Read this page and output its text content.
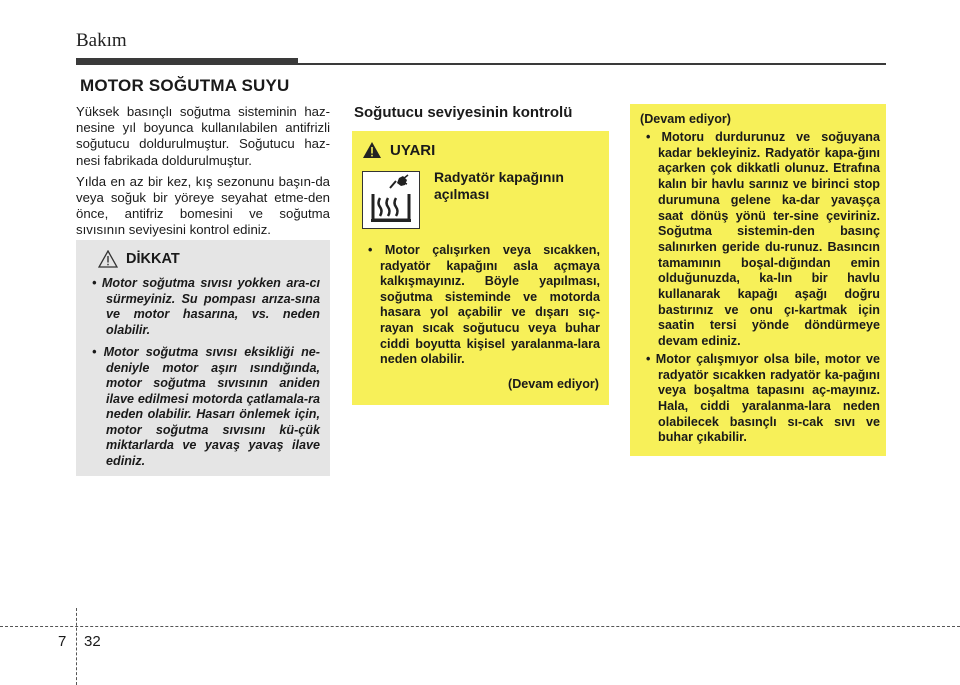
Bakım
MOTOR SOĞUTMA SUYU

Yüksek basınçlı soğutma sisteminin haz-nesine yıl boyunca kullanılabilen antifrizli soğutucu doldurulmuştur. Soğutucu haz-nesi fabrikada doldurulmuştur.

Yılda en az bir kez, kış sezonunu başın-da veya soğuk bir yöreye seyahat etme-den önce, antifriz bomesini ve soğutma sıvısının seviyesini kontrol ediniz.

DİKKAT
• Motor soğutma sıvısı yokken ara-cı sürmeyiniz. Su pompası arıza-sına ve motor hasarına, vs. neden olabilir.
• Motor soğutma sıvısı eksikliği ne-deniyle motor aşırı ısındığında, motor soğutma sıvısının aniden ilave edilmesi motorda çatlamala-ra neden olabilir. Hasarı önlemek için, motor soğutma sıvısını kü-çük miktarlarda ve yavaş yavaş ilave ediniz.
Soğutucu seviyesinin kontrolü
UYARI
Radyatör kapağının
açılması
• Motor çalışırken veya sıcakken, radyatör kapağını asla açmaya kalkışmayınız. Böyle yapılması, soğutma sisteminde ve motorda hasara yol açabilir ve dışarı sıç-rayan sıcak soğutucu veya buhar ciddi boyutta kişisel yaralanma-lara neden olabilir.
(Devam ediyor)
(Devam ediyor)
• Motoru durdurunuz ve soğuyana kadar bekleyiniz. Radyatör kapa-ğını açarken çok dikkatli olunuz. Etrafına kalın bir havlu sarınız ve birinci stop durumuna gelene ka-dar yavaşça saat dönüş yönü ter-sine çeviriniz. Soğutma sistemin-den basınç salınırken geride du-runuz. Basıncın tamamının boşal-dığından emin olduğunuzda, ka-lın bir havlu kullanarak kapağı aşağı doğru bastırınız ve onu çı-kartmak için saatin tersi yönde döndürmeye devam ediniz.
• Motor çalışmıyor olsa bile, motor ve radyatör sıcakken radyatör ka-pağını veya boşaltma tapasını aç-mayınız. Hala, ciddi yaralanma-lara neden olabilecek basınçlı sı-cak sıvı ve buhar çıkabilir.
7 32
